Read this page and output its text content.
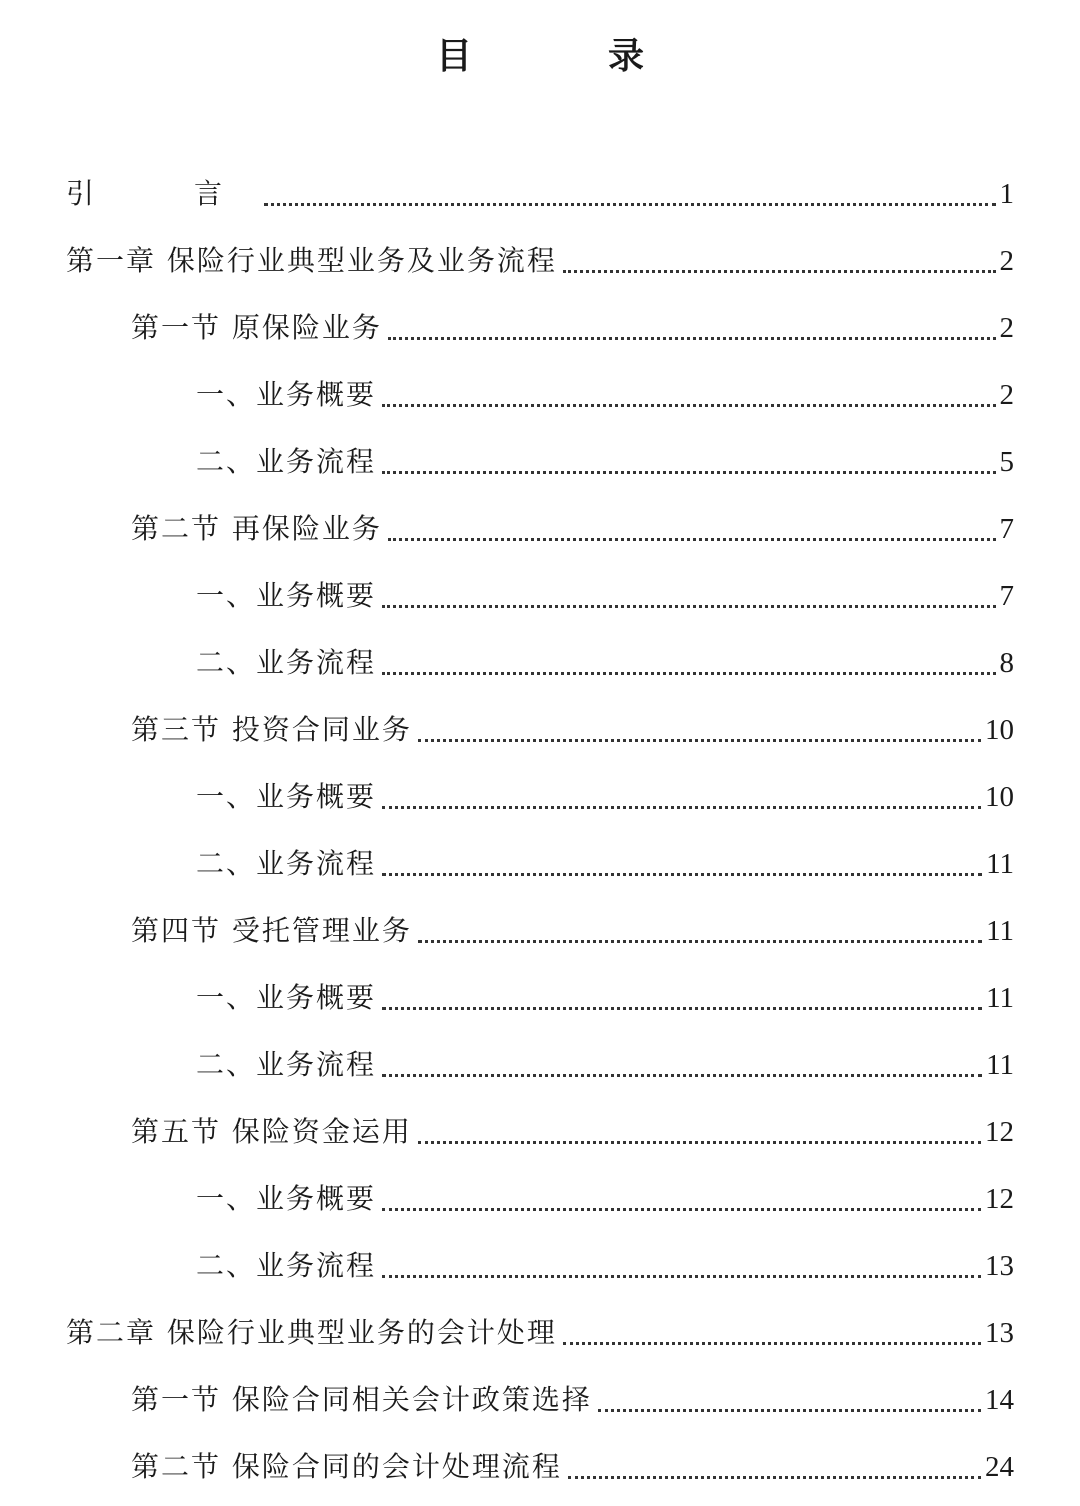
目　录
引　言	1
第一章 保险行业典型业务及业务流程	2
第一节 原保险业务	2
一、业务概要	2
二、业务流程	5
第二节 再保险业务	7
一、业务概要	7
二、业务流程	8
第三节 投资合同业务	10
一、业务概要	10
二、业务流程	11
第四节 受托管理业务	11
一、业务概要	11
二、业务流程	11
第五节 保险资金运用	12
一、业务概要	12
二、业务流程	13
第二章 保险行业典型业务的会计处理	13
第一节 保险合同相关会计政策选择	14
第二节 保险合同的会计处理流程	24
